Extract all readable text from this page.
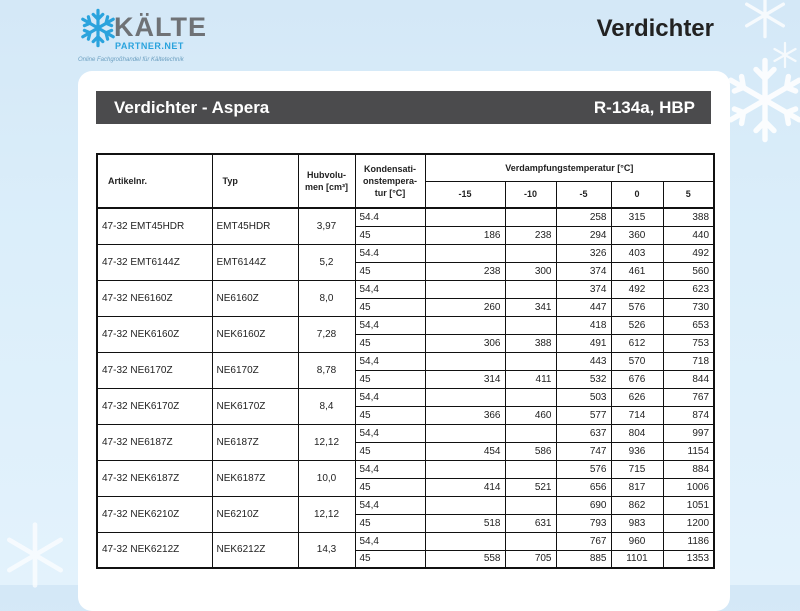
KÄLTE
PARTNER.NET
Online Fachgroßhandel für Kältetechnik
Verdichter
Verdichter - Aspera	R-134a, HBP
Artikelnr.	Typ	Hubvolu-men [cm³]	Kondensati-onstempera-tur [°C]	Verdampfungstemperatur [°C]				
				-15	-10	-5	0	5
47-32 EMT45HDR	EMT45HDR	3,97	54.4			258	315	388
			45	186	238	294	360	440
47-32 EMT6144Z	EMT6144Z	5,2	54.4			326	403	492
			45	238	300	374	461	560
47-32 NE6160Z	NE6160Z	8,0	54,4			374	492	623
			45	260	341	447	576	730
47-32 NEK6160Z	NEK6160Z	7,28	54,4			418	526	653
			45	306	388	491	612	753
47-32 NE6170Z	NE6170Z	8,78	54,4			443	570	718
			45	314	411	532	676	844
47-32 NEK6170Z	NEK6170Z	8,4	54,4			503	626	767
			45	366	460	577	714	874
47-32 NE6187Z	NE6187Z	12,12	54,4			637	804	997
			45	454	586	747	936	1154
47-32 NEK6187Z	NEK6187Z	10,0	54,4			576	715	884
			45	414	521	656	817	1006
47-32 NEK6210Z	NE6210Z	12,12	54,4			690	862	1051
			45	518	631	793	983	1200
47-32 NEK6212Z	NEK6212Z	14,3	54,4			767	960	1186
			45	558	705	885	1101	1353
